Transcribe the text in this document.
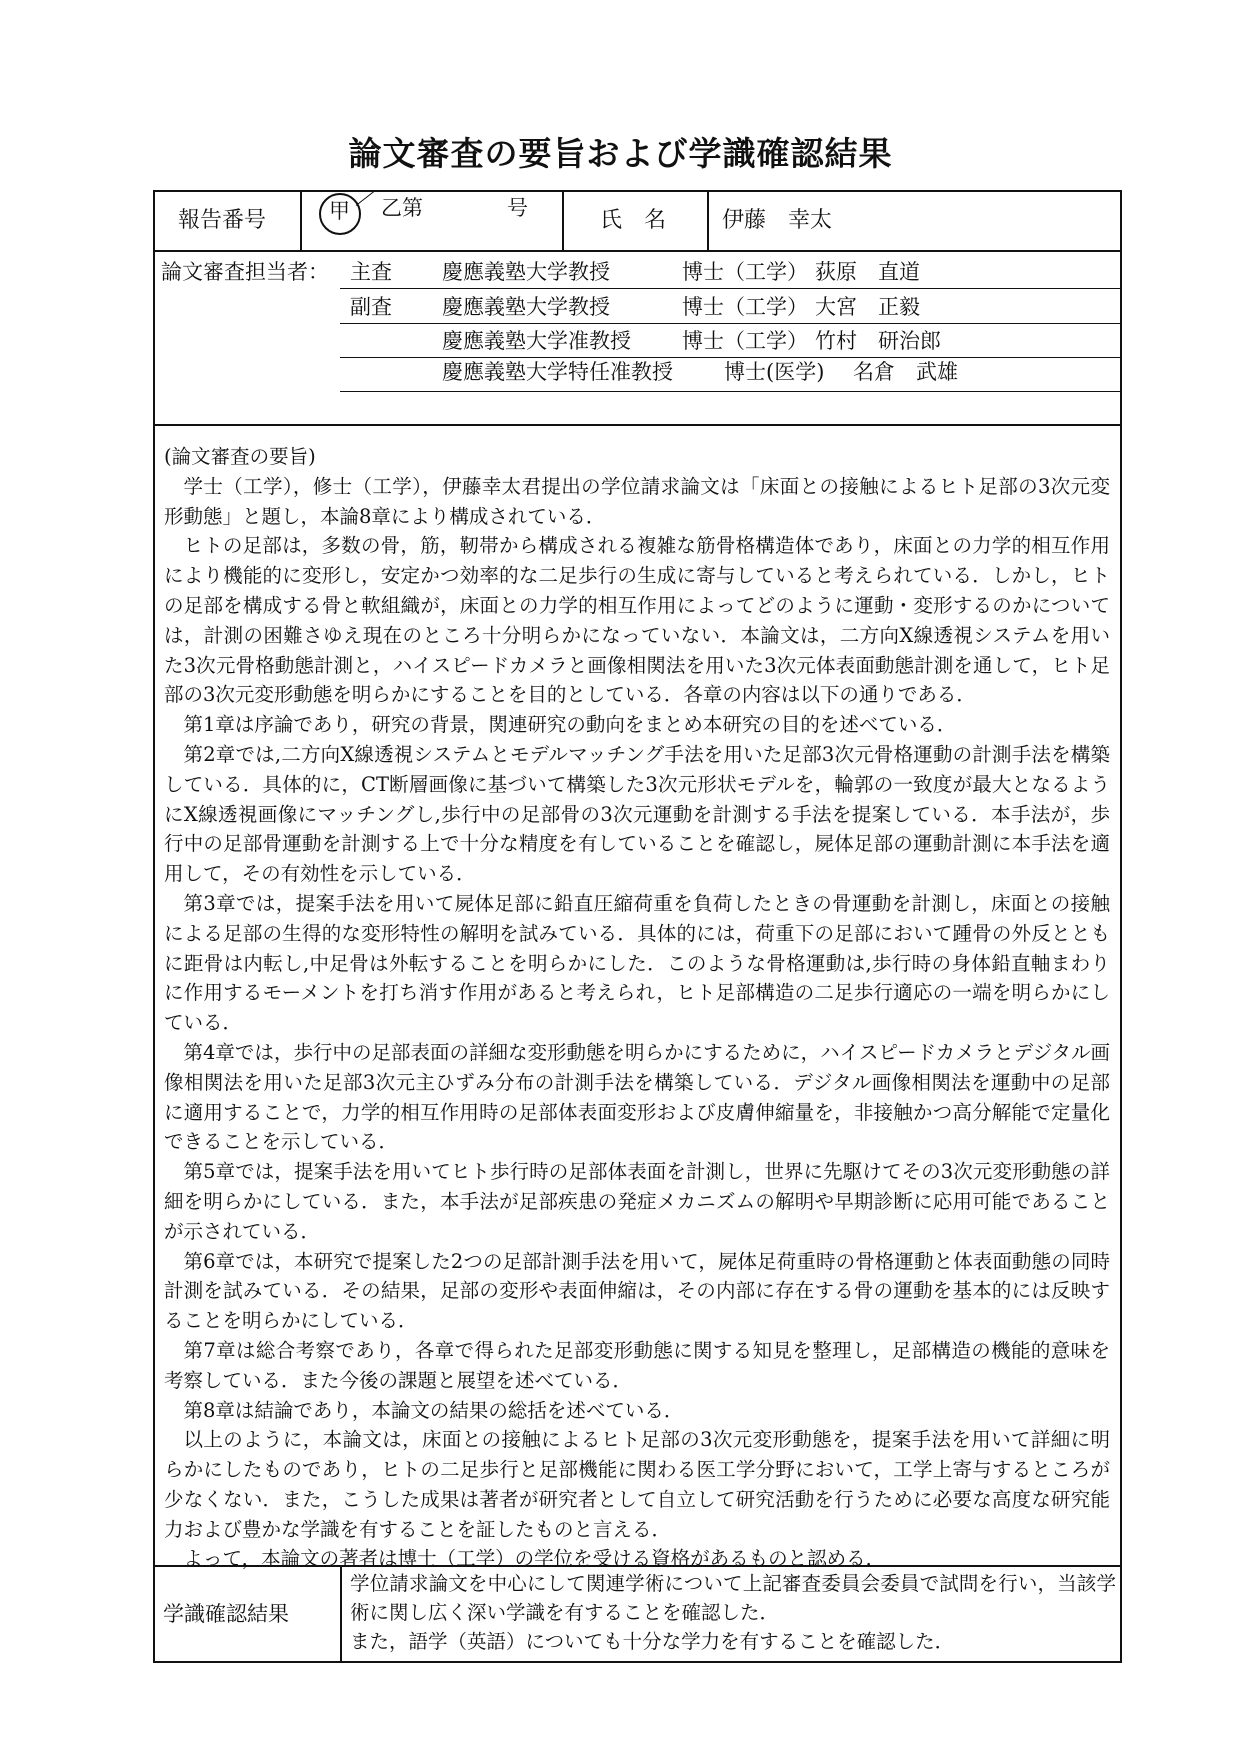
論文審査の要旨および学識確認結果
報告番号	甲 乙第	号	氏　名	伊藤　幸太
論文審査担当者： 主査 慶應義塾大学教授	博士（工学） 荻原　直道
副査 慶應義塾大学教授	博士（工学） 大宮　正毅
慶應義塾大学准教授 博士（工学） 竹村　研治郎
慶應義塾大学特任准教授 博士(医学) 名倉　武雄

(論文審査の要旨)

学士（工学），修士（工学），伊藤幸太君提出の学位請求論文は「床面との接触によるヒト足部の3次元変形動態」と題し，本論8章により構成されている．

ヒトの足部は，多数の骨，筋，靭帯から構成される複雑な筋骨格構造体であり，床面との力学的相互作用により機能的に変形し，安定かつ効率的な二足歩行の生成に寄与していると考えられている．しかし，ヒトの足部を構成する骨と軟組織が，床面との力学的相互作用によってどのように運動・変形するのかについては，計測の困難さゆえ現在のところ十分明らかになっていない．本論文は，二方向X線透視システムを用いた3次元骨格動態計測と，ハイスピードカメラと画像相関法を用いた3次元体表面動態計測を通して，ヒト足部の3次元変形動態を明らかにすることを目的としている．各章の内容は以下の通りである．

第1章は序論であり，研究の背景，関連研究の動向をまとめ本研究の目的を述べている．

第2章では,二方向X線透視システムとモデルマッチング手法を用いた足部3次元骨格運動の計測手法を構築している．具体的に，CT断層画像に基づいて構築した3次元形状モデルを，輪郭の一致度が最大となるようにX線透視画像にマッチングし,歩行中の足部骨の3次元運動を計測する手法を提案している．本手法が，歩行中の足部骨運動を計測する上で十分な精度を有していることを確認し，屍体足部の運動計測に本手法を適用して，その有効性を示している．

第3章では，提案手法を用いて屍体足部に鉛直圧縮荷重を負荷したときの骨運動を計測し，床面との接触による足部の生得的な変形特性の解明を試みている．具体的には，荷重下の足部において踵骨の外反とともに距骨は内転し,中足骨は外転することを明らかにした．このような骨格運動は,歩行時の身体鉛直軸まわりに作用するモーメントを打ち消す作用があると考えられ，ヒト足部構造の二足歩行適応の一端を明らかにしている．

第4章では，歩行中の足部表面の詳細な変形動態を明らかにするために，ハイスピードカメラとデジタル画像相関法を用いた足部3次元主ひずみ分布の計測手法を構築している．デジタル画像相関法を運動中の足部に適用することで，力学的相互作用時の足部体表面変形および皮膚伸縮量を，非接触かつ高分解能で定量化できることを示している．

第5章では，提案手法を用いてヒト歩行時の足部体表面を計測し，世界に先駆けてその3次元変形動態の詳細を明らかにしている．また，本手法が足部疾患の発症メカニズムの解明や早期診断に応用可能であることが示されている．

第6章では，本研究で提案した2つの足部計測手法を用いて，屍体足荷重時の骨格運動と体表面動態の同時計測を試みている．その結果，足部の変形や表面伸縮は，その内部に存在する骨の運動を基本的には反映することを明らかにしている．

第7章は総合考察であり，各章で得られた足部変形動態に関する知見を整理し，足部構造の機能的意味を考察している．また今後の課題と展望を述べている．

第8章は結論であり，本論文の結果の総括を述べている．

以上のように，本論文は，床面との接触によるヒト足部の3次元変形動態を，提案手法を用いて詳細に明らかにしたものであり，ヒトの二足歩行と足部機能に関わる医工学分野において，工学上寄与するところが少なくない．また，こうした成果は著者が研究者として自立して研究活動を行うために必要な高度な研究能力および豊かな学識を有することを証したものと言える．

よって，本論文の著者は博士（工学）の学位を受ける資格があるものと認める．

学識確認結果

学位請求論文を中心にして関連学術について上記審査委員会委員で試問を行い，当該学術に関し広く深い学識を有することを確認した．

また，語学（英語）についても十分な学力を有することを確認した．
